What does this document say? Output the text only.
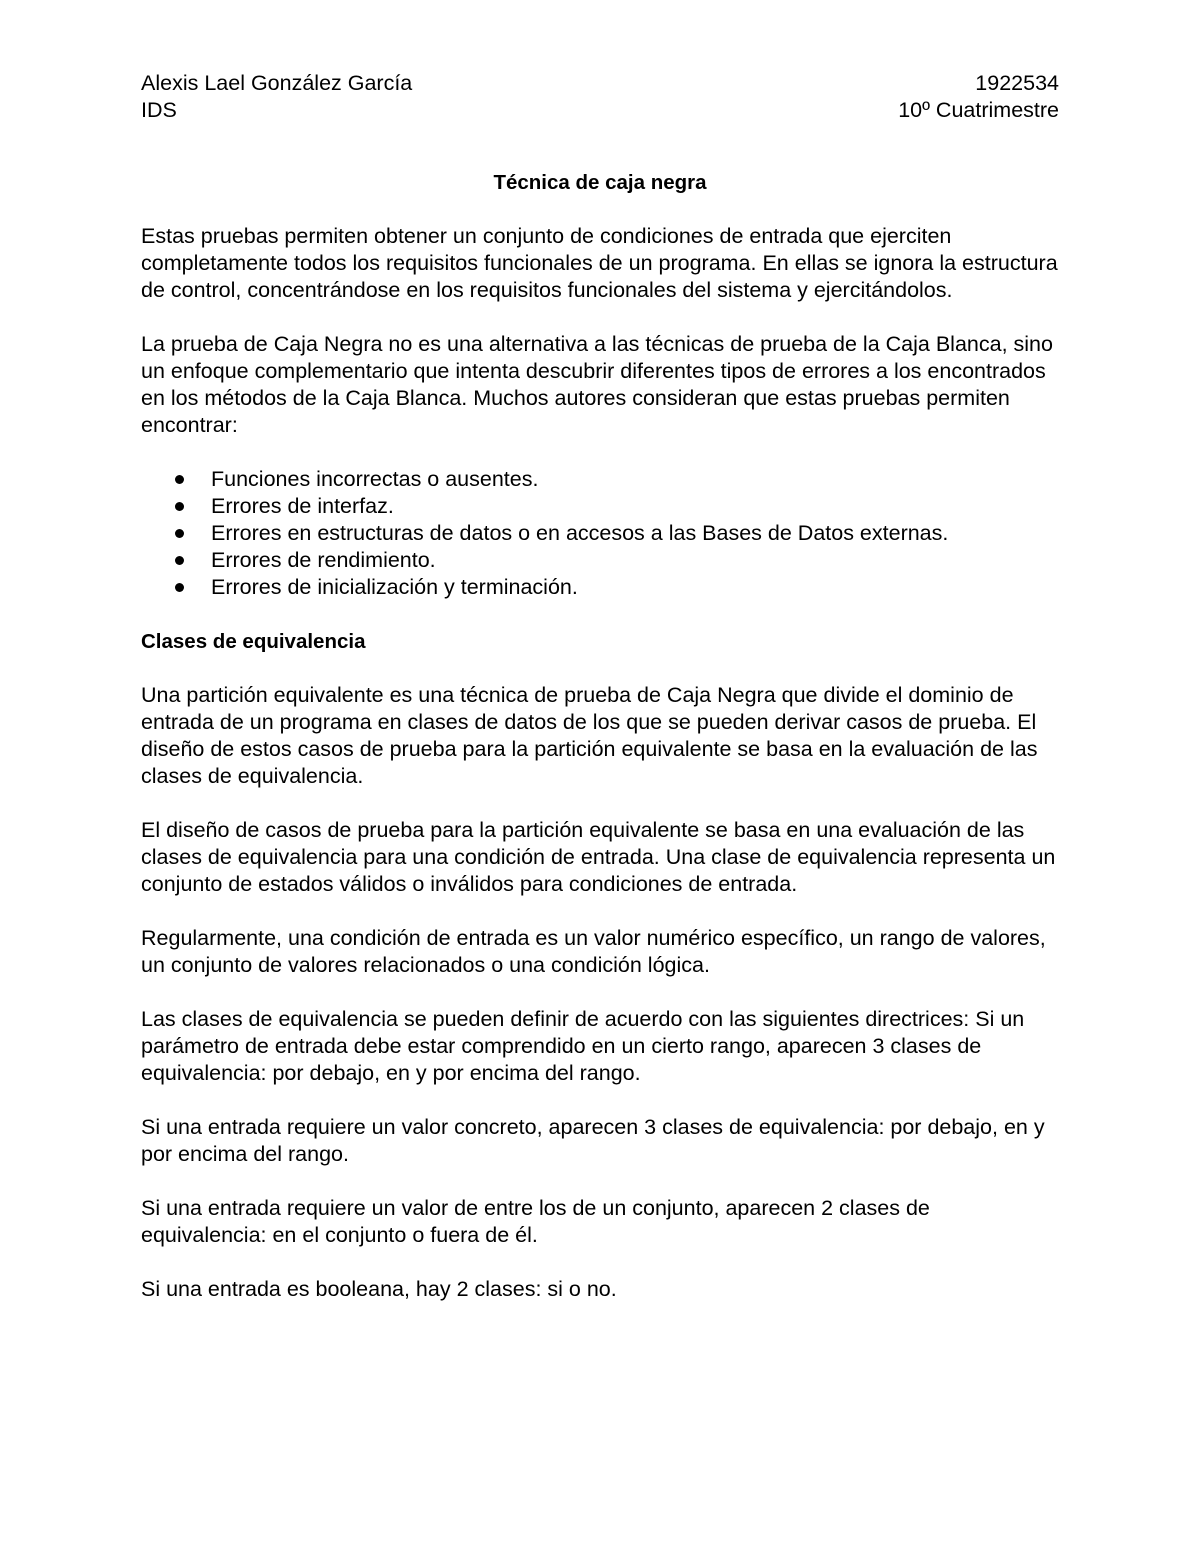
Alexis Lael González García	1922534
IDS	10º Cuatrimestre
Técnica de caja negra

Estas pruebas permiten obtener un conjunto de condiciones de entrada que ejerciten completamente todos los requisitos funcionales de un programa. En ellas se ignora la estructura de control, concentrándose en los requisitos funcionales del sistema y ejercitándolos.

La prueba de Caja Negra no es una alternativa a las técnicas de prueba de la Caja Blanca, sino un enfoque complementario que intenta descubrir diferentes tipos de errores a los encontrados en los métodos de la Caja Blanca. Muchos autores consideran que estas pruebas permiten encontrar:

Funciones incorrectas o ausentes.
Errores de interfaz.
Errores en estructuras de datos o en accesos a las Bases de Datos externas.
Errores de rendimiento.
Errores de inicialización y terminación.
Clases de equivalencia

Una partición equivalente es una técnica de prueba de Caja Negra que divide el dominio de entrada de un programa en clases de datos de los que se pueden derivar casos de prueba. El diseño de estos casos de prueba para la partición equivalente se basa en la evaluación de las clases de equivalencia.

El diseño de casos de prueba para la partición equivalente se basa en una evaluación de las clases de equivalencia para una condición de entrada. Una clase de equivalencia representa un conjunto de estados válidos o inválidos para condiciones de entrada.

Regularmente, una condición de entrada es un valor numérico específico, un rango de valores, un conjunto de valores relacionados o una condición lógica.

Las clases de equivalencia se pueden definir de acuerdo con las siguientes directrices: Si un parámetro de entrada debe estar comprendido en un cierto rango, aparecen 3 clases de equivalencia: por debajo, en y por encima del rango.

Si una entrada requiere un valor concreto, aparecen 3 clases de equivalencia: por debajo, en y por encima del rango.

Si una entrada requiere un valor de entre los de un conjunto, aparecen 2 clases de equivalencia: en el conjunto o fuera de él.

Si una entrada es booleana, hay 2 clases: si o no.
